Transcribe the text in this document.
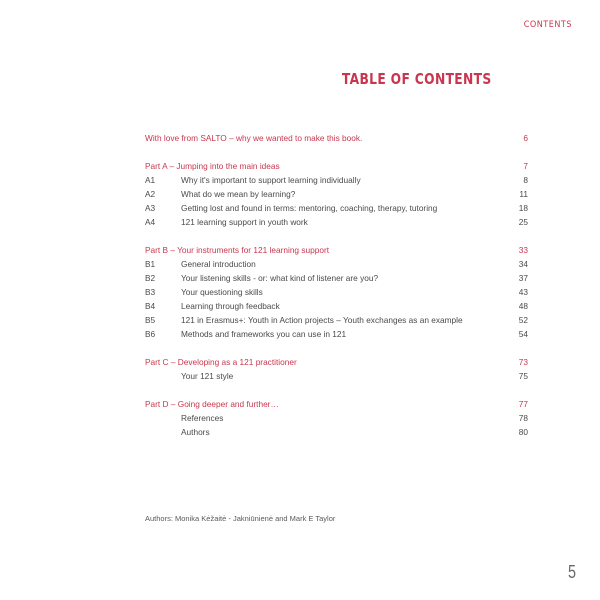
CONTENTS
TABLE OF CONTENTS
With love from SALTO – why we wanted to make this book.	6
Part A – Jumping into the main ideas	7
A1	Why it's important to support learning individually	8
A2	What do we mean by learning?	11
A3	Getting lost and found in terms: mentoring, coaching, therapy, tutoring	18
A4	121 learning support in youth work	25
Part B – Your instruments for 121 learning support	33
B1	General introduction	34
B2	Your listening skills - or: what kind of listener are you?	37
B3	Your questioning skills	43
B4	Learning through feedback	48
B5	121 in Erasmus+: Youth in Action projects – Youth exchanges as an example	52
B6	Methods and frameworks you can use in 121	54
Part C – Developing as a 121 practitioner	73
Your 121 style	75
Part D – Going deeper and further…	77
References	78
Authors	80
Authors: Monika Kėžaitė - Jakniūnienė and Mark E Taylor
5
